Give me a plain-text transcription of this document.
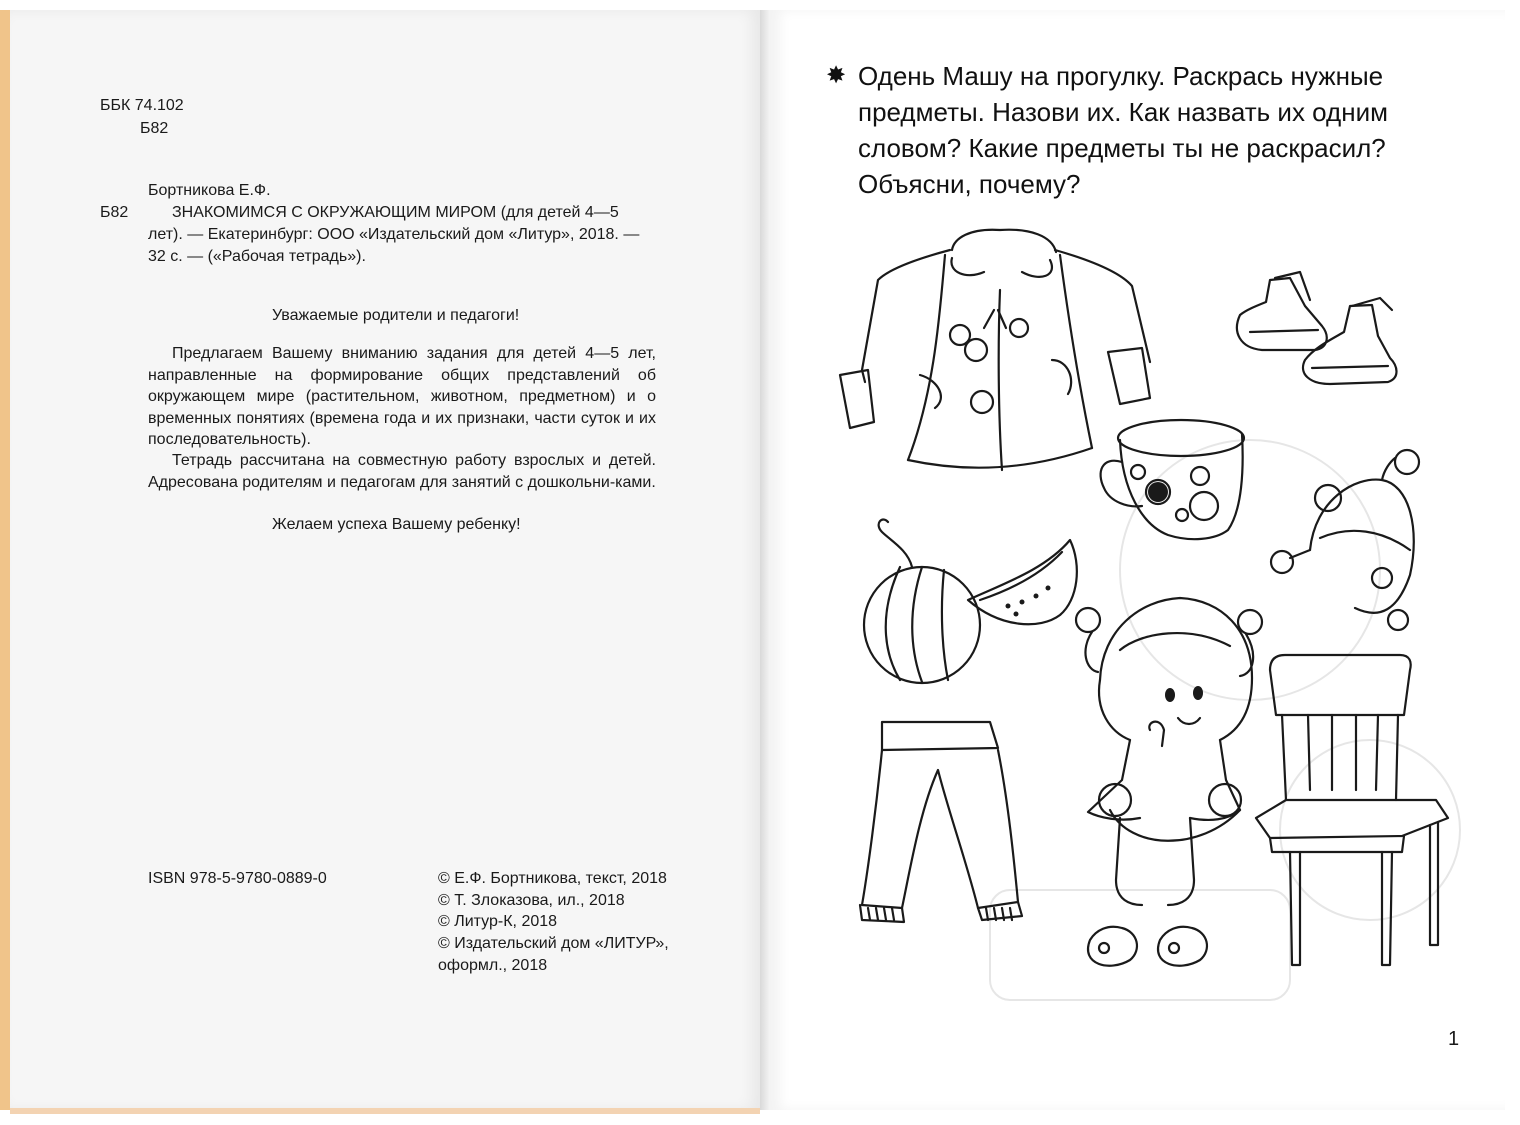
ББК 74.102
Б82
Бортникова Е.Ф.
Б82	ЗНАКОМИМСЯ С ОКРУЖАЮЩИМ МИРОМ (для детей 4—5
лет). — Екатеринбург: ООО «Издательский дом «Литур», 2018. —
32 с. — («Рабочая тетрадь»).
Уважаемые родители и педагоги!
Предлагаем Вашему вниманию задания для детей 4—5 лет, направленные на формирование общих представлений об окружающем мире (растительном, животном, предметном) и о временных понятиях (времена года и их признаки, части суток и их последовательность).
Тетрадь рассчитана на совместную работу взрослых и детей. Адресована родителям и педагогам для занятий с дошкольни-ками.
Желаем успеха Вашему ребенку!
ISBN 978-5-9780-0889-0	© Е.Ф. Бортникова, текст, 2018
© Т. Злоказова, ил., 2018
© Литур-К, 2018
© Издательский дом «ЛИТУР»,
оформл., 2018
✸ Одень Машу на прогулку. Раскрась нужные предметы. Назови их. Как назвать их одним словом? Какие предметы ты не раскрасил? Объясни, почему?
1
